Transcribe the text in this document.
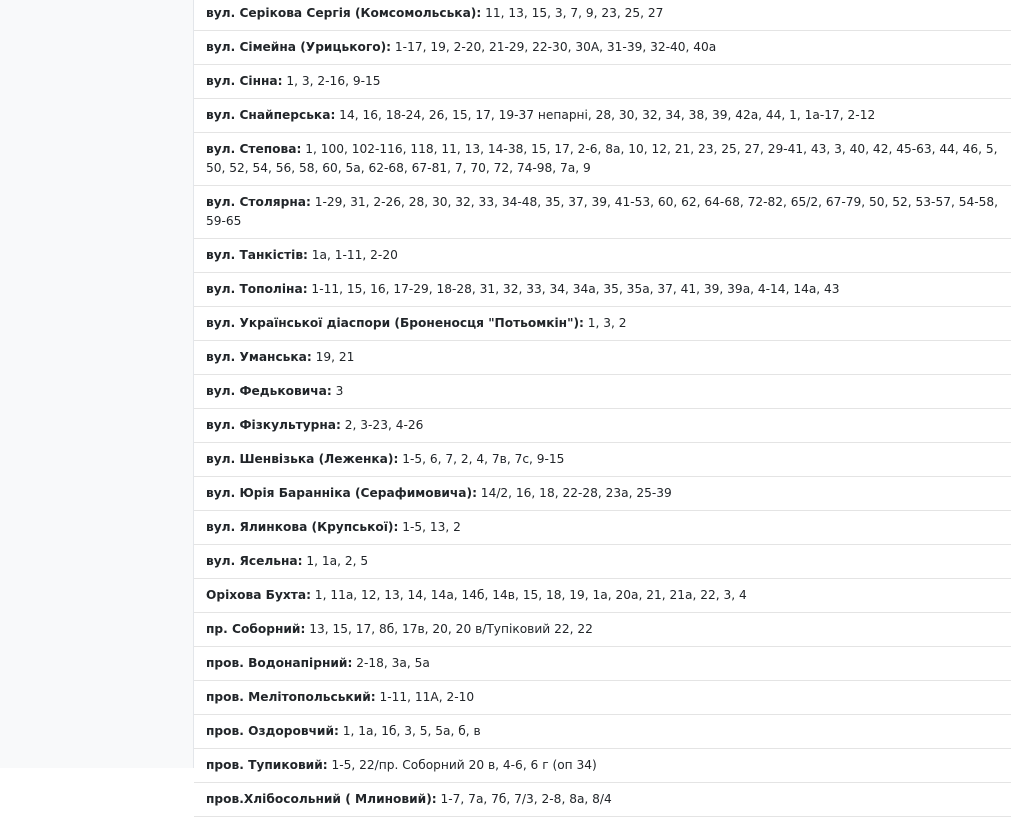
вул. Серікова Сергія (Комсомольська): 11, 13, 15, 3, 7, 9, 23, 25, 27
вул. Сімейна (Урицького): 1-17, 19, 2-20, 21-29, 22-30, 30А, 31-39, 32-40, 40а
вул. Сінна: 1, 3, 2-16, 9-15
вул. Снайперська: 14, 16, 18-24, 26, 15, 17, 19-37 непарні, 28, 30, 32, 34, 38, 39, 42а, 44, 1, 1а-17, 2-12
вул. Степова: 1, 100, 102-116, 118, 11, 13, 14-38, 15, 17, 2-6, 8а, 10, 12, 21, 23, 25, 27, 29-41, 43, 3, 40, 42, 45-63, 44, 46, 5, 50, 52, 54, 56, 58, 60, 5а, 62-68, 67-81, 7, 70, 72, 74-98, 7а, 9
вул. Столярна: 1-29, 31, 2-26, 28, 30, 32, 33, 34-48, 35, 37, 39, 41-53, 60, 62, 64-68, 72-82, 65/2, 67-79, 50, 52, 53-57, 54-58, 59-65
вул. Танкістів: 1а, 1-11, 2-20
вул. Тополіна: 1-11, 15, 16, 17-29, 18-28, 31, 32, 33, 34, 34а, 35, 35а, 37, 41, 39, 39а, 4-14, 14а, 43
вул. Української діаспори (Броненосця "Потьомкін"): 1, 3, 2
вул. Уманська: 19, 21
вул. Федьковича: 3
вул. Фізкультурна: 2, 3-23, 4-26
вул. Шенвізька (Леженка): 1-5, 6, 7, 2, 4, 7в, 7с, 9-15
вул. Юрія Баранніка (Серафимовича): 14/2, 16, 18, 22-28, 23а, 25-39
вул. Ялинкова (Крупської): 1-5, 13, 2
вул. Ясельна: 1, 1а, 2, 5
Оріхова Бухта: 1, 11а, 12, 13, 14, 14а, 14б, 14в, 15, 18, 19, 1а, 20а, 21, 21а, 22, 3, 4
пр. Соборний: 13, 15, 17, 8б, 17в, 20, 20 в/Тупіковий 22, 22
пров. Водонапірний: 2-18, 3а, 5а
пров. Мелітопольський: 1-11, 11А, 2-10
пров. Оздоровчий: 1, 1а, 1б, 3, 5, 5а, б, в
пров. Тупиковий: 1-5, 22/пр. Соборний 20 в, 4-6, 6 г (оп 34)
пров.Хлібосольний ( Млиновий): 1-7, 7а, 7б, 7/3, 2-8, 8а, 8/4
